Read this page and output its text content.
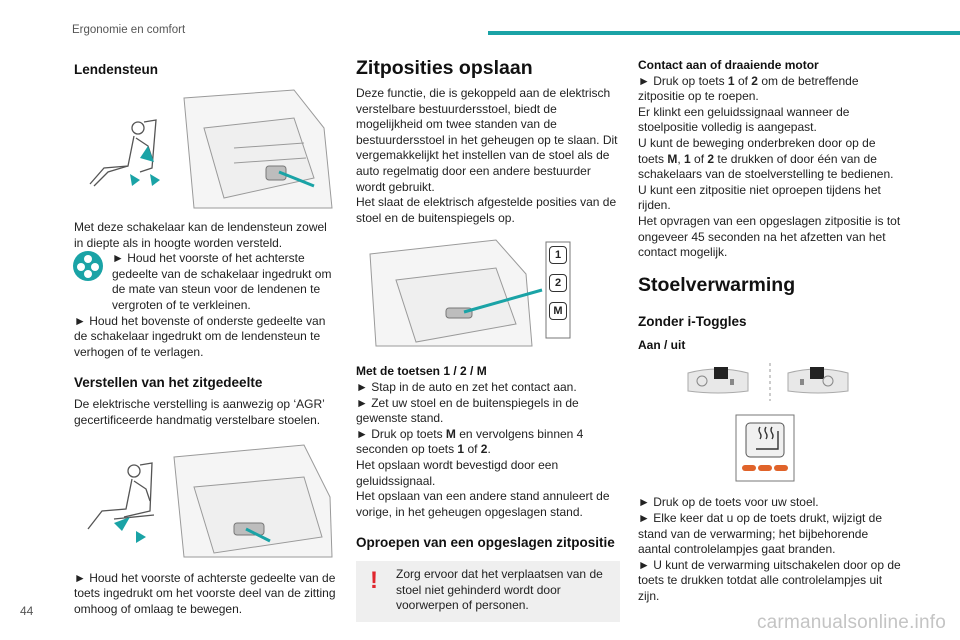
Ergonomie en comfort
Lendensteun

Met deze schakelaar kan de lendensteun zowel in diepte als in hoogte worden versteld.

► Houd het voorste of het achterste gedeelte van de schakelaar ingedrukt om de mate van steun voor de lendenen te vergroten of te verkleinen.

► Houd het bovenste of onderste gedeelte van de schakelaar ingedrukt om de lendensteun te verhogen of te verlagen.

Verstellen van het zitgedeelte

De elektrische verstelling is aanwezig op ‘AGR’ gecertificeerde handmatig verstelbare stoelen.

► Houd het voorste of achterste gedeelte van de toets ingedrukt om het voorste deel van de zitting omhoog of omlaag te bewegen.

Zitposities opslaan

Deze functie, die is gekoppeld aan de elektrisch verstelbare bestuurdersstoel, biedt de mogelijkheid om twee standen van de bestuurdersstoel in het geheugen op te slaan. Dit vergemakkelijkt het instellen van de stoel als de auto regelmatig door een andere bestuurder wordt gebruikt.

Het slaat de elektrisch afgestelde posities van de stoel en de buitenspiegels op.

1
2
M

Met de toetsen 1 / 2 / M

► Stap in de auto en zet het contact aan.

► Zet uw stoel en de buitenspiegels in de gewenste stand.

► Druk op toets M en vervolgens binnen 4 seconden op toets 1 of 2.

Het opslaan wordt bevestigd door een geluidssignaal.

Het opslaan van een andere stand annuleert de vorige, in het geheugen opgeslagen stand.

Oproepen van een opgeslagen zitpositie

! Zorg ervoor dat het verplaatsen van de stoel niet gehinderd wordt door voorwerpen of personen.

Contact aan of draaiende motor

► Druk op toets 1 of 2 om de betreffende zitpositie op te roepen.

Er klinkt een geluidssignaal wanneer de stoelpositie volledig is aangepast.

U kunt de beweging onderbreken door op de toets M, 1 of 2 te drukken of door één van de schakelaars van de stoelverstelling te bedienen.

U kunt een zitpositie niet oproepen tijdens het rijden.

Het opvragen van een opgeslagen zitpositie is tot ongeveer 45 seconden na het afzetten van het contact mogelijk.

Stoelverwarming

Zonder i-Toggles

Aan / uit

► Druk op de toets voor uw stoel.

► Elke keer dat u op de toets drukt, wijzigt de stand van de verwarming; het bijbehorende aantal controlelampjes gaat branden.

► U kunt de verwarming uitschakelen door op de toets te drukken totdat alle controlelampjes uit zijn.

44
carmanualsonline.info
